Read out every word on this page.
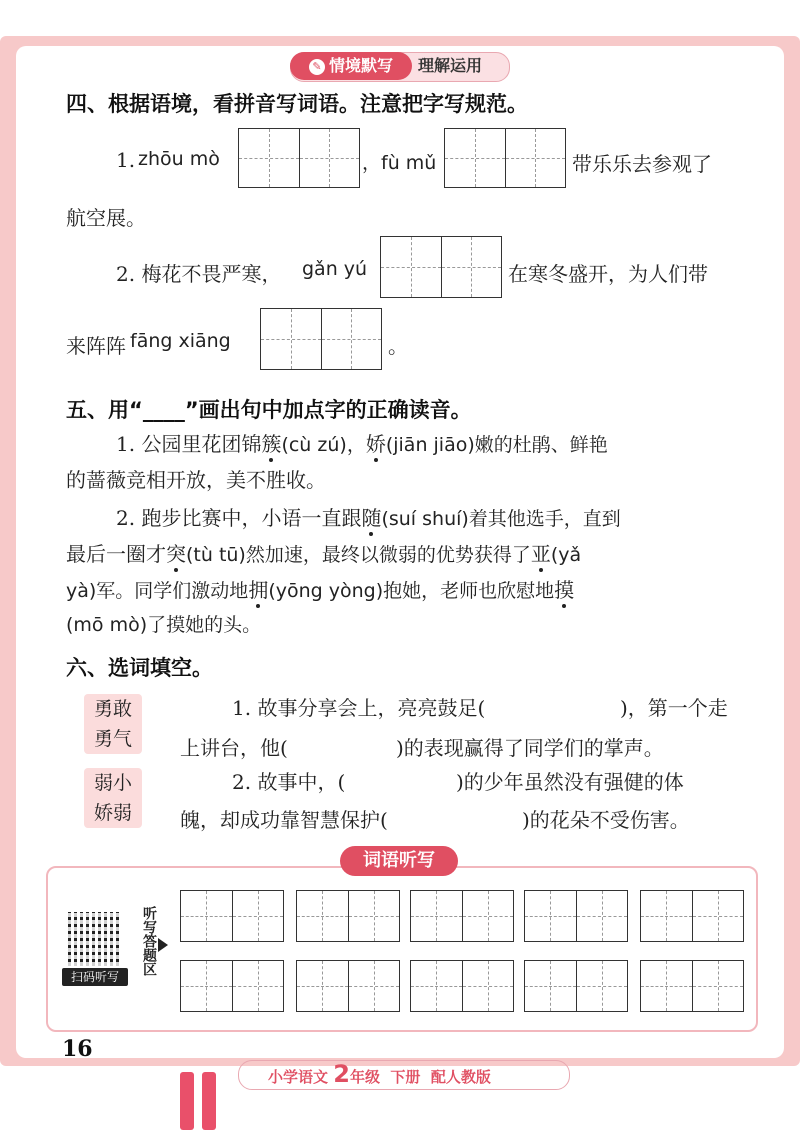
✎ 情境默写	理解运用
四、根据语境，看拼音写词语。注意把字写规范。
1. zhōu mò	，fù mǔ	带乐乐去参观了
航空展。
2. 梅花不畏严寒， gǎn yú	在寒冬盛开，为人们带
来阵阵 fāng xiāng	。
五、用“____”画出句中加点字的正确读音。
1. 公园里花团锦簇(cù zú)，娇(jiān jiāo)嫩的杜鹃、鲜艳
的蔷薇竞相开放，美不胜收。
2. 跑步比赛中，小语一直跟随(suí shuí)着其他选手，直到
最后一圈才突(tù tū)然加速，最终以微弱的优势获得了亚(yǎ
yà)军。同学们激动地拥(yōng yòng)抱她，老师也欣慰地摸
(mō mò)了摸她的头。
六、选词填空。
勇敢
勇气
弱小
娇弱
1. 故事分享会上，亮亮鼓足(	)，第一个走
上讲台，他(	)的表现赢得了同学们的掌声。
2. 故事中，(	)的少年虽然没有强健的体
魄，却成功靠智慧保护(	)的花朵不受伤害。
词语听写
扫码听写
听写答题区
16
小学语文 2年级 下册 配人教版
